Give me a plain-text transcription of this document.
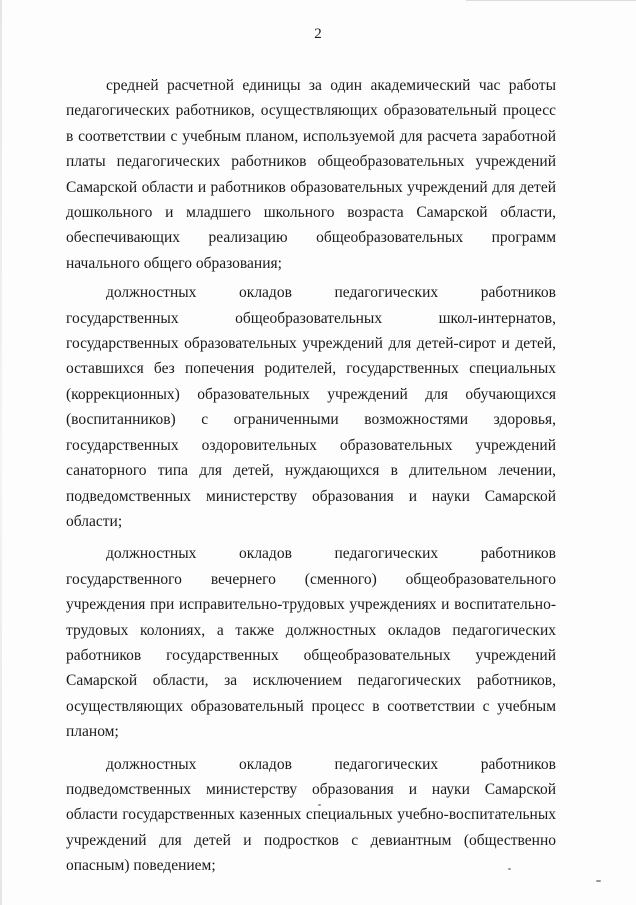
2

средней расчетной единицы за один академический час работы педагогических работников, осуществляющих образовательный процесс в соответствии с учебным планом, используемой для расчета заработной платы педагогических работников общеобразовательных учреждений Самарской области и работников образовательных учреждений для детей дошкольного и младшего школьного возраста Самарской области, обеспечивающих реализацию общеобразовательных программ начального общего образования;

должностных окладов педагогических работников государственных общеобразовательных школ-интернатов, государственных образовательных учреждений для детей-сирот и детей, оставшихся без попечения родителей, государственных специальных (коррекционных) образовательных учреждений для обучающихся (воспитанников) с ограниченными возможностями здоровья, государственных оздоровительных образовательных учреждений санаторного типа для детей, нуждающихся в длительном лечении, подведомственных министерству образования и науки Самарской области;

должностных окладов педагогических работников государственного вечернего (сменного) общеобразовательного учреждения при исправительно-трудовых учреждениях и воспитательно-трудовых колониях, а также должностных окладов педагогических работников государственных общеобразовательных учреждений Самарской области, за исключением педагогических работников, осуществляющих образовательный процесс в соответствии с учебным планом;

должностных окладов педагогических работников подведомственных министерству образования и науки Самарской области государственных казенных специальных учебно-воспитательных учреждений для детей и подростков с девиантным (общественно опасным) поведением;
